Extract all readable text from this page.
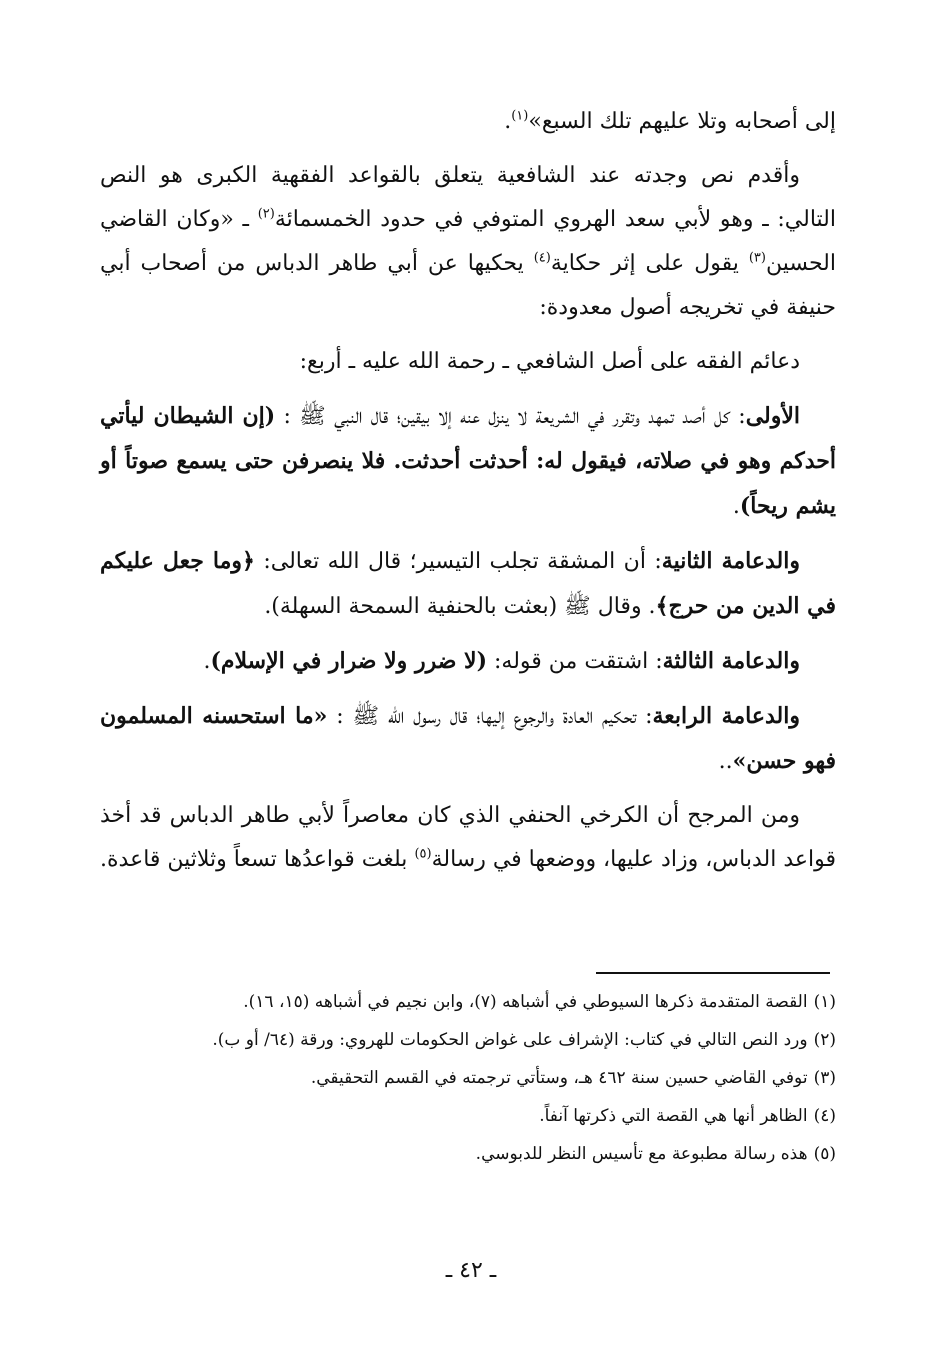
إلى أصحابه وتلا عليهم تلك السبع»$^{(١)}$.

وأقدم نص وجدته عند الشافعية يتعلق بالقواعد الفقهية الكبرى هو النص التالي: ـ وهو لأبي سعد الهروي المتوفي في حدود الخمسمائة$^{(٢)}$ ـ «وكان القاضي الحسين$^{(٣)}$ يقول على إثر حكاية$^{(٤)}$ يحكيها عن أبي طاهر الدباس من أصحاب أبي حنيفة في تخريجه أصول معدودة:

دعائم الفقه على أصل الشافعي ـ رحمة الله عليه ـ أربع:

الأولى: كل أصد تمهد وتقرر في الشريعة لا ينزل عنه إلا بيقين؛ قال النبي ﷺ : (إن الشيطان ليأتي أحدكم وهو في صلاته، فيقول له: أحدثت أحدثت. فلا ينصرفن حتى يسمع صوتاً أو يشم ريحاً).

والدعامة الثانية: أن المشقة تجلب التيسير؛ قال الله تعالى: ﴿وما جعل عليكم في الدين من حرج﴾. وقال ﷺ (بعثت بالحنفية السمحة السهلة).

والدعامة الثالثة: اشتقت من قوله: (لا ضرر ولا ضرار في الإسلام).

والدعامة الرابعة: تحكيم العادة والرجوع إليها؛ قال رسول الله ﷺ : «ما استحسنه المسلمون فهو حسن»..

ومن المرجح أن الكرخي الحنفي الذي كان معاصراً لأبي طاهر الدباس قد أخذ قواعد الدباس، وزاد عليها، ووضعها في رسالة$^{(٥)}$ بلغت قواعدُها تسعاً وثلاثين قاعدة.

(١)القصة المتقدمة ذكرها السيوطي في أشباهه (٧)، وابن نجيم في أشباهه (١٥، ١٦).

(٢)ورد النص التالي في كتاب: الإشراف على غواض الحكومات للهروي: ورقة (٦٤/ أو ب).

(٣)توفي القاضي حسين سنة ٤٦٢ هـ، وستأتي ترجمته في القسم التحقيقي.

(٤)الظاهر أنها هي القصة التي ذكرتها آنفاً.

(٥)هذه رسالة مطبوعة مع تأسيس النظر للدبوسي.

ـ ٤٢ ـ
